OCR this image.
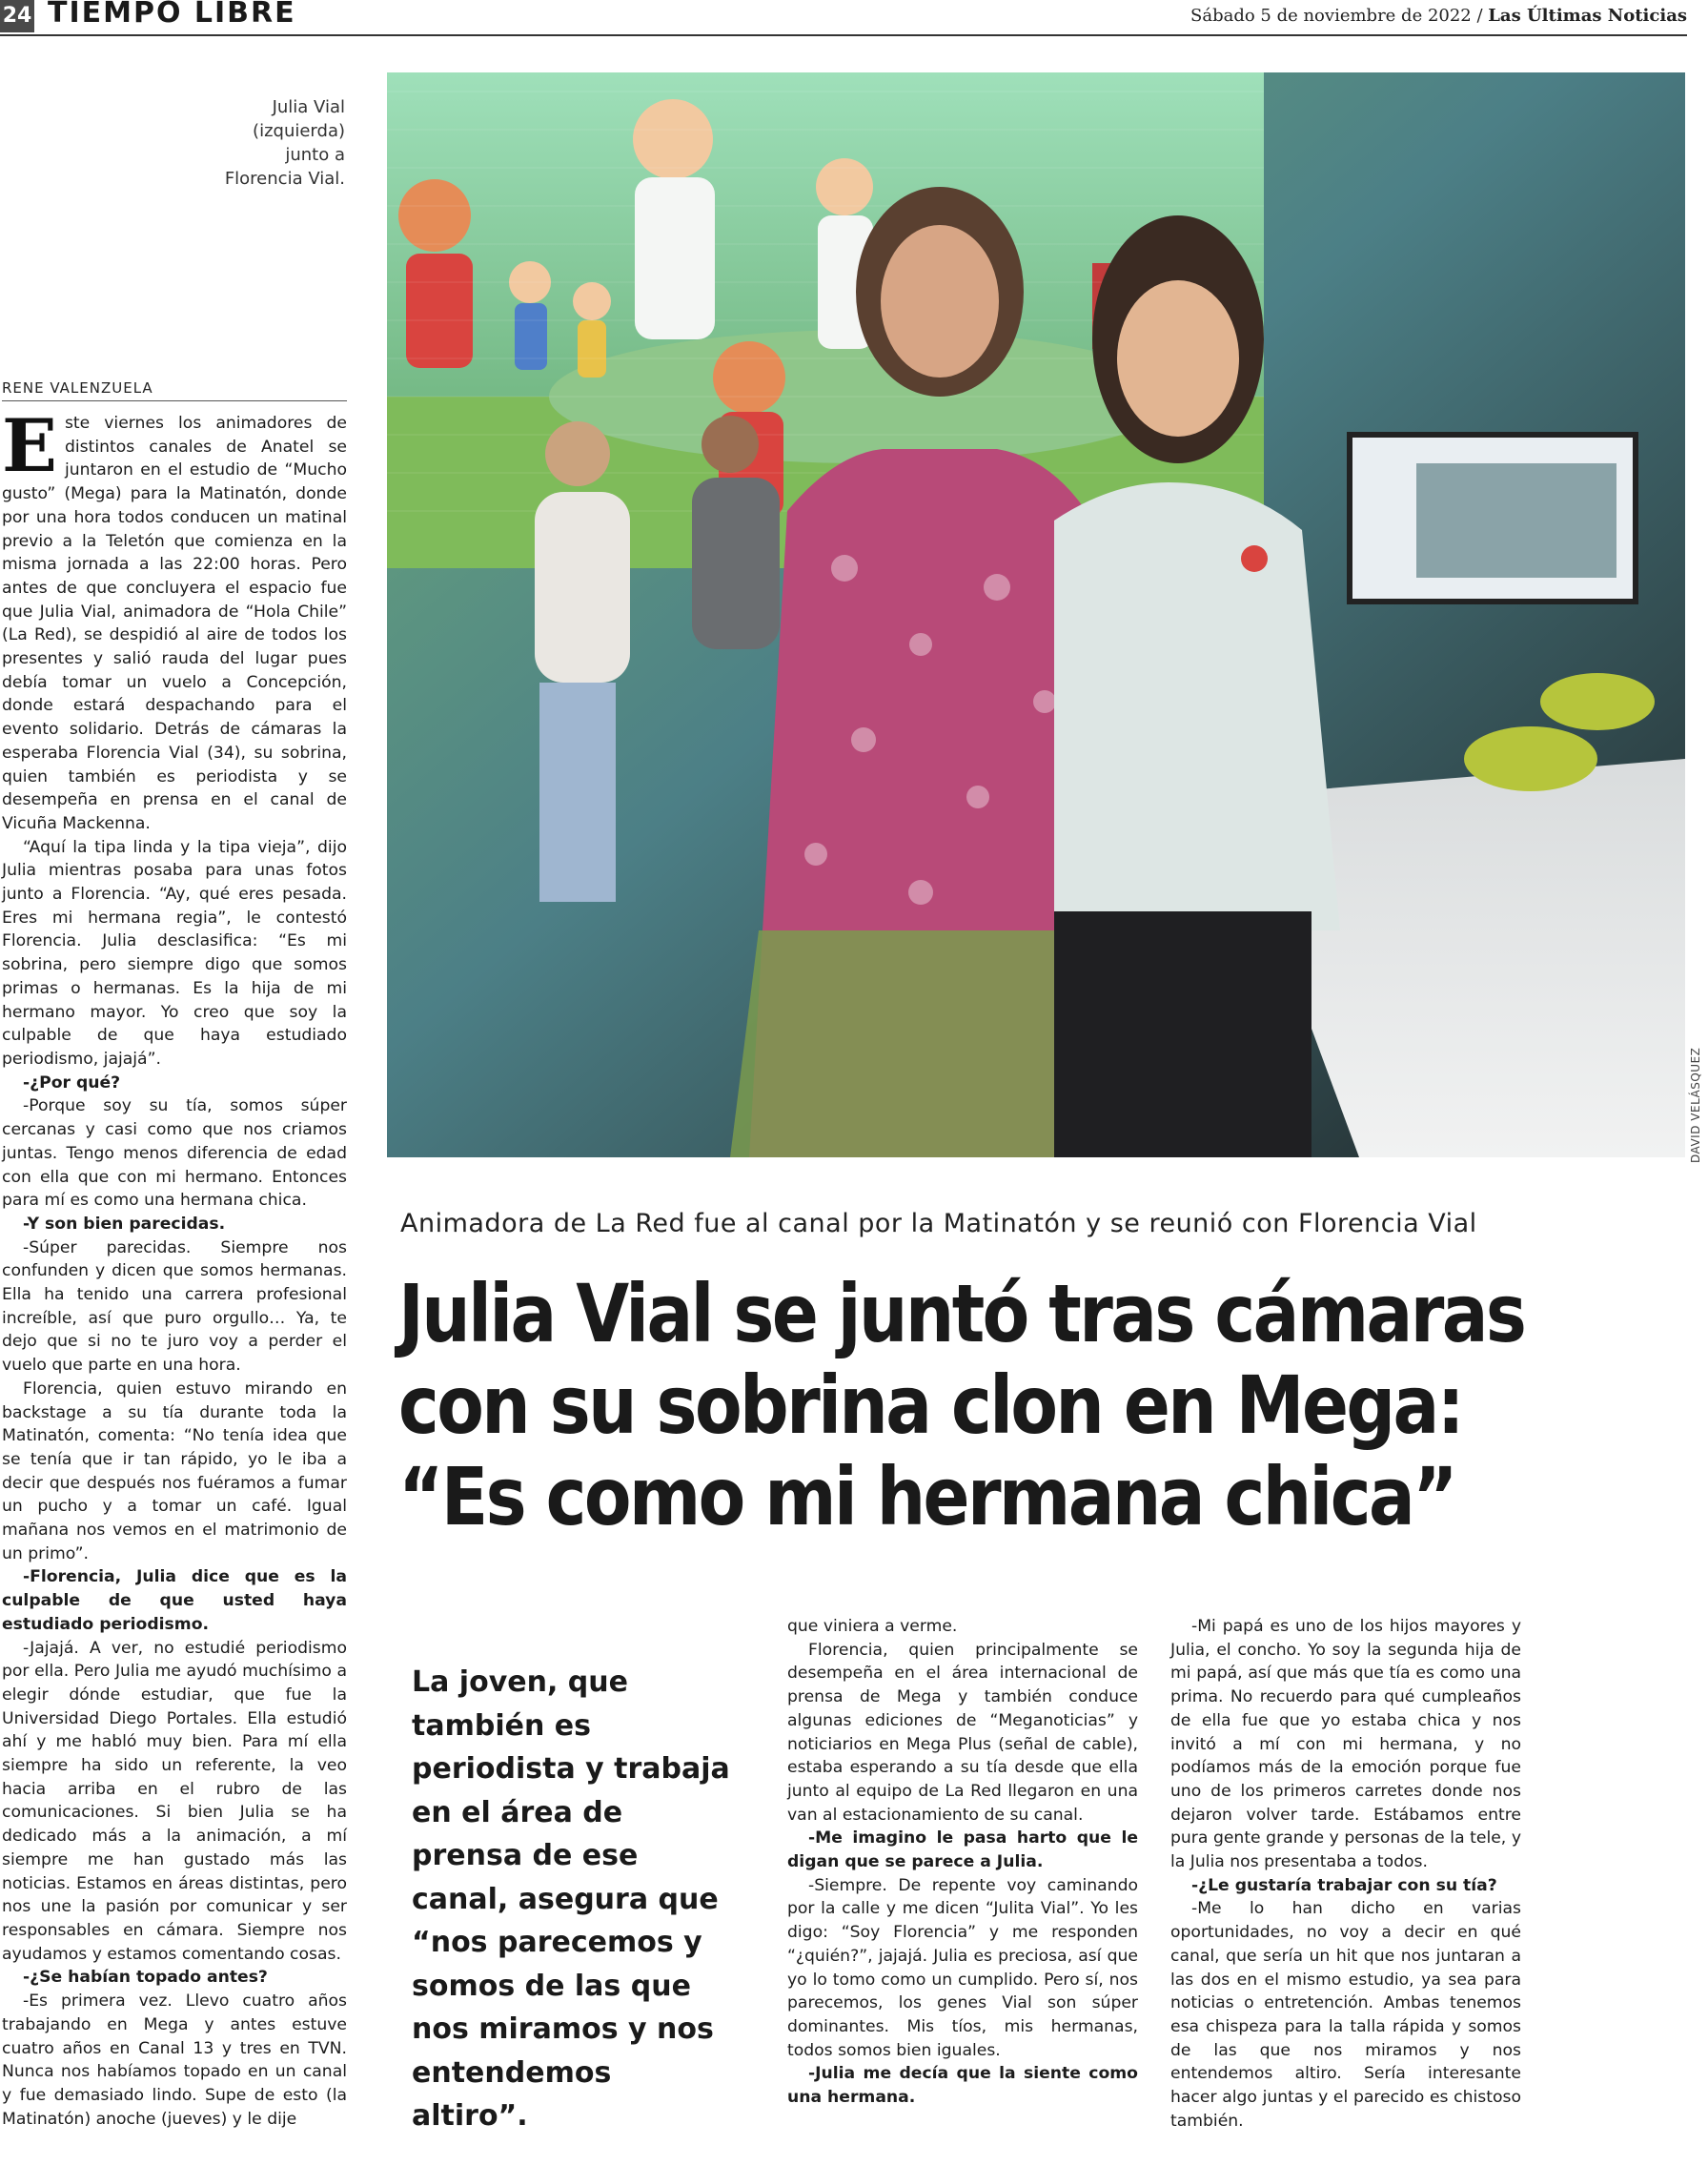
24 TIEMPO LIBRE	Sábado 5 de noviembre de 2022 / Las Últimas Noticias
Julia Vial
(izquierda)
junto a
Florencia Vial.
DAVID VELÁSQUEZ
RENE VALENZUELA

Este viernes los animadores de distintos canales de Anatel se juntaron en el estudio de “Mucho gusto” (Mega) para la Matinatón, donde por una hora todos conducen un matinal previo a la Teletón que comienza en la misma jornada a las 22:00 horas. Pero antes de que concluyera el espacio fue que Julia Vial, animadora de “Hola Chile” (La Red), se despidió al aire de todos los presentes y salió rauda del lugar pues debía tomar un vuelo a Concepción, donde estará despachando para el evento solidario. Detrás de cámaras la esperaba Florencia Vial (34), su sobrina, quien también es periodista y se desempeña en prensa en el canal de Vicuña Mackenna.

“Aquí la tipa linda y la tipa vieja”, dijo Julia mientras posaba para unas fotos junto a Florencia. “Ay, qué eres pesada. Eres mi hermana regia”, le contestó Florencia. Julia desclasifica: “Es mi sobrina, pero siempre digo que somos primas o hermanas. Es la hija de mi hermano mayor. Yo creo que soy la culpable de que haya estudiado periodismo, jajajá”.

-¿Por qué?

-Porque soy su tía, somos súper cercanas y casi como que nos criamos juntas. Tengo menos diferencia de edad con ella que con mi hermano. Entonces para mí es como una hermana chica.

-Y son bien parecidas.

-Súper parecidas. Siempre nos confunden y dicen que somos hermanas. Ella ha tenido una carrera profesional increíble, así que puro orgullo… Ya, te dejo que si no te juro voy a perder el vuelo que parte en una hora.

Florencia, quien estuvo mirando en backstage a su tía durante toda la Matinatón, comenta: “No tenía idea que se tenía que ir tan rápido, yo le iba a decir que después nos fuéramos a fumar un pucho y a tomar un café. Igual mañana nos vemos en el matrimonio de un primo”.

-Florencia, Julia dice que es la culpable de que usted haya estudiado periodismo.

-Jajajá. A ver, no estudié periodismo por ella. Pero Julia me ayudó muchísimo a elegir dónde estudiar, que fue la Universidad Diego Portales. Ella estudió ahí y me habló muy bien. Para mí ella siempre ha sido un referente, la veo hacia arriba en el rubro de las comunicaciones. Si bien Julia se ha dedicado más a la animación, a mí siempre me han gustado más las noticias. Estamos en áreas distintas, pero nos une la pasión por comunicar y ser responsables en cámara. Siempre nos ayudamos y estamos comentando cosas.

-¿Se habían topado antes?

-Es primera vez. Llevo cuatro años trabajando en Mega y antes estuve cuatro años en Canal 13 y tres en TVN. Nunca nos habíamos topado en un canal y fue demasiado lindo. Supe de esto (la Matinatón) anoche (jueves) y le dije

Animadora de La Red fue al canal por la Matinatón y se reunió con Florencia Vial
Julia Vial se juntó tras cámaras
con su sobrina clon en Mega:
“Es como mi hermana chica”
La joven, que también es periodista y trabaja en el área de prensa de ese canal, asegura que “nos parecemos y somos de las que nos miramos y nos entendemos altiro”.

que viniera a verme.

Florencia, quien principalmente se desempeña en el área internacional de prensa de Mega y también conduce algunas ediciones de “Meganoticias” y noticiarios en Mega Plus (señal de cable), estaba esperando a su tía desde que ella junto al equipo de La Red llegaron en una van al estacionamiento de su canal.

-Me imagino le pasa harto que le digan que se parece a Julia.

-Siempre. De repente voy caminando por la calle y me dicen “Julita Vial”. Yo les digo: “Soy Florencia” y me responden “¿quién?”, jajajá. Julia es preciosa, así que yo lo tomo como un cumplido. Pero sí, nos parecemos, los genes Vial son súper dominantes. Mis tíos, mis hermanas, todos somos bien iguales.

-Julia me decía que la siente como una hermana.

-Mi papá es uno de los hijos mayores y Julia, el concho. Yo soy la segunda hija de mi papá, así que más que tía es como una prima. No recuerdo para qué cumpleaños de ella fue que yo estaba chica y nos invitó a mí con mi hermana, y no podíamos más de la emoción porque fue uno de los primeros carretes donde nos dejaron volver tarde. Estábamos entre pura gente grande y personas de la tele, y la Julia nos presentaba a todos.

-¿Le gustaría trabajar con su tía?

-Me lo han dicho en varias oportunidades, no voy a decir en qué canal, que sería un hit que nos juntaran a las dos en el mismo estudio, ya sea para noticias o entretención. Ambas tenemos esa chispeza para la talla rápida y somos de las que nos miramos y nos entendemos altiro. Sería interesante hacer algo juntas y el parecido es chistoso también.
